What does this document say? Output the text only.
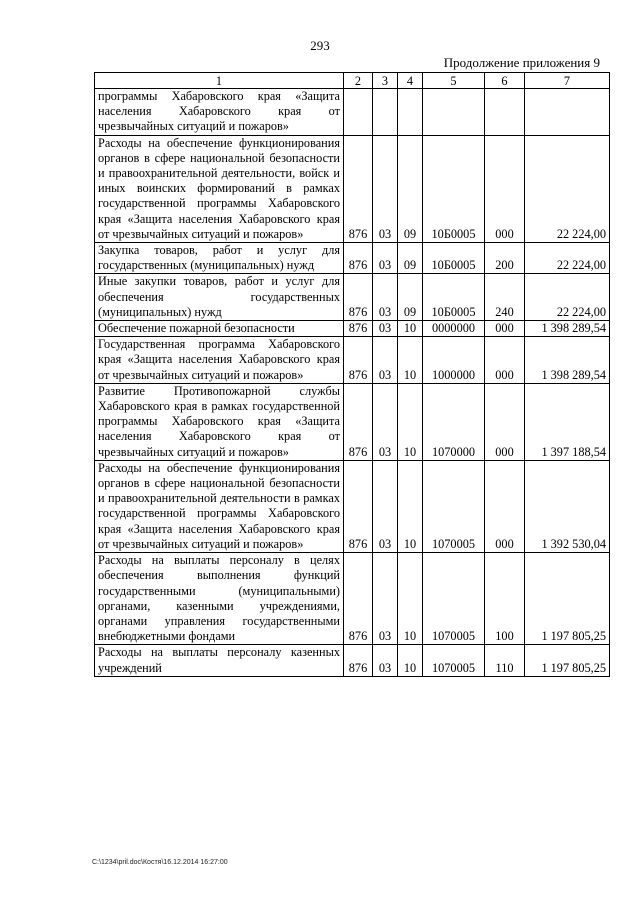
293
Продолжение приложения 9
1	2	3	4	5	6	7
программы Хабаровского края «Защита населения Хабаровского края от чрезвычайных ситуаций и пожаров»						
Расходы на обеспечение функционирования органов в сфере национальной безопасности и правоохранительной деятельности, войск и иных воинских формирований в рамках государственной программы Хабаровского края «Защита населения Хабаровского края от чрезвычайных ситуаций и пожаров»	876	03	09	10Б0005	000	22 224,00
Закупка товаров, работ и услуг для государственных (муниципальных) нужд	876	03	09	10Б0005	200	22 224,00
Иные закупки товаров, работ и услуг для обеспечения государственных (муниципальных) нужд	876	03	09	10Б0005	240	22 224,00
Обеспечение пожарной безопасности	876	03	10	0000000	000	1 398 289,54
Государственная программа Хабаровского края «Защита населения Хабаровского края от чрезвычайных ситуаций и пожаров»	876	03	10	1000000	000	1 398 289,54
Развитие Противопожарной службы Хабаровского края в рамках государственной программы Хабаровского края «Защита населения Хабаровского края от чрезвычайных ситуаций и пожаров»	876	03	10	1070000	000	1 397 188,54
Расходы на обеспечение функционирования органов в сфере национальной безопасности и правоохранительной деятельности в рамках государственной программы Хабаровского края «Защита населения Хабаровского края от чрезвычайных ситуаций и пожаров»	876	03	10	1070005	000	1 392 530,04
Расходы на выплаты персоналу в целях обеспечения выполнения функций государственными (муниципальными) органами, казенными учреждениями, органами управления государственными внебюджетными фондами	876	03	10	1070005	100	1 197 805,25
Расходы на выплаты персоналу казенных учреждений	876	03	10	1070005	110	1 197 805,25
C:\1234\pril.doc\Костя\16.12.2014 16:27:00
